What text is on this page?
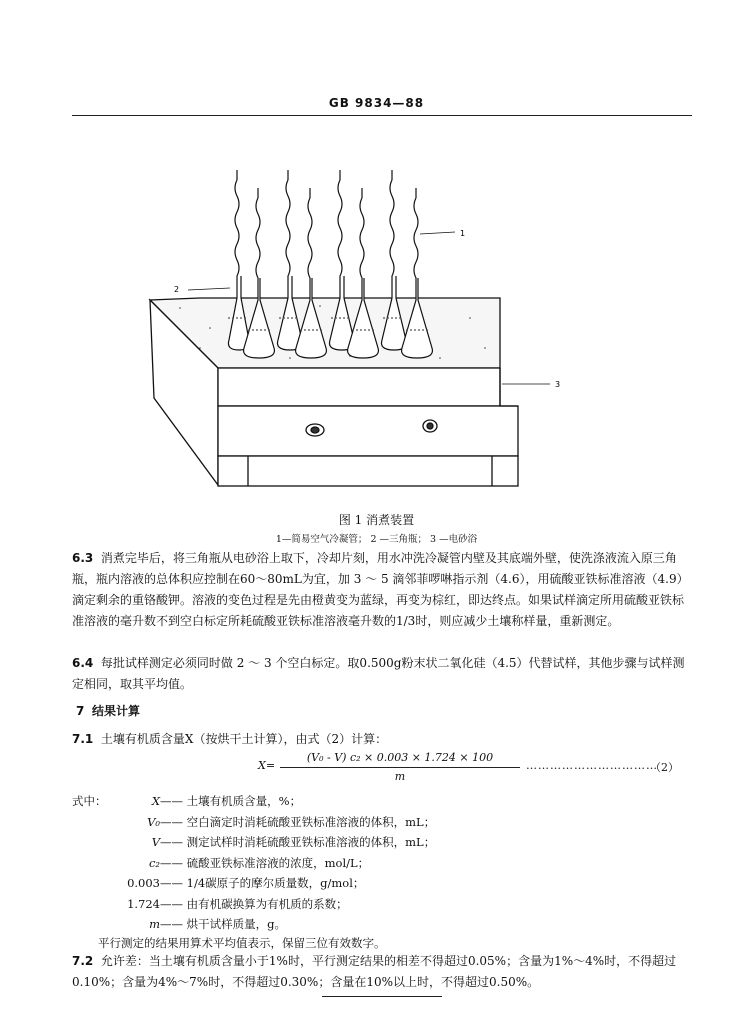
GB 9834—88
1
2
3
图 1 消煮装置
1—简易空气冷凝管； 2 —三角瓶； 3 —电砂浴

6.3 消煮完毕后，将三角瓶从电砂浴上取下，冷却片刻，用水冲洗冷凝管内壁及其底端外壁，使洗涤液流入原三角瓶，瓶内溶液的总体积应控制在60～80mL为宜，加 3 ～ 5 滴邻菲啰啉指示剂（4.6），用硫酸亚铁标准溶液（4.9）滴定剩余的重铬酸钾。溶液的变色过程是先由橙黄变为蓝绿，再变为棕红，即达终点。如果试样滴定所用硫酸亚铁标准溶液的毫升数不到空白标定所耗硫酸亚铁标准溶液毫升数的1/3时，则应减少土壤称样量，重新测定。

6.4 每批试样测定必须同时做 2 ～ 3 个空白标定。取0.500g粉末状二氧化硅（4.5）代替试样，其他步骤与试样测定相同，取其平均值。

7 结果计算

7.1 土壤有机质含量X（按烘干土计算），由式（2）计算：

X=
(V₀ - V) c₂ × 0.003 × 1.724 × 100
m
……………………………
（2）
式中：	X—— 土壤有机质含量，%；
V₀—— 空白滴定时消耗硫酸亚铁标准溶液的体积，mL；
V—— 测定试样时消耗硫酸亚铁标准溶液的体积，mL；
c₂—— 硫酸亚铁标准溶液的浓度，mol/L；
0.003—— 1/4碳原子的摩尔质量数，g/mol；
1.724—— 由有机碳换算为有机质的系数；
m—— 烘干试样质量，g。

平行测定的结果用算术平均值表示，保留三位有效数字。

7.2 允许差：当土壤有机质含量小于1%时，平行测定结果的相差不得超过0.05%；含量为1%～4%时，不得超过0.10%；含量为4%～7%时，不得超过0.30%；含量在10%以上时，不得超过0.50%。
